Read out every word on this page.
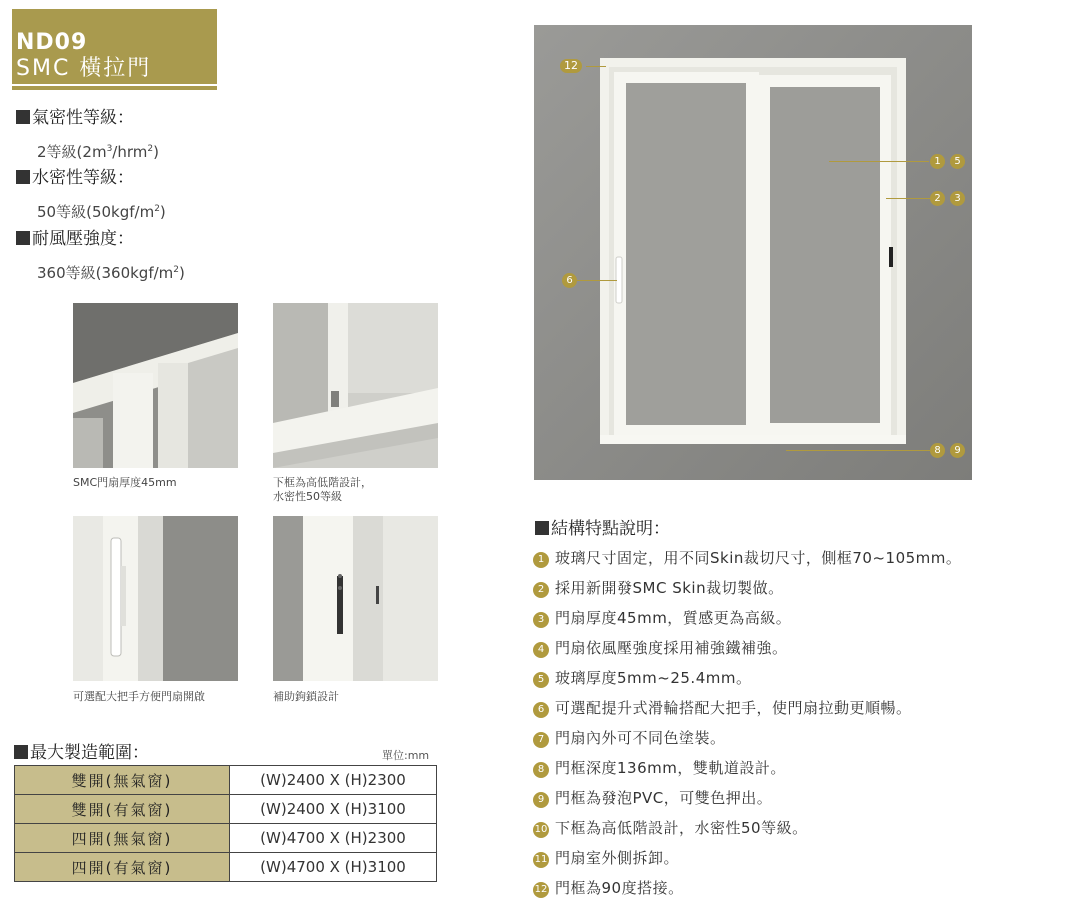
ND09
SMC 橫拉門
氣密性等級：
2等級$(2m^3/hrm^2)$
水密性等級：
50等級$(50kgf/m^2)$
耐風壓強度：
360等級$(360kgf/m^2)$
SMC門扇厚度45mm	下框為高低階設計，
水密性50等級
可選配大把手方便門扇開啟	補助鉤鎖設計
最大製造範圍：	單位:mm
雙開(無氣窗)	(W)2400 X (H)2300
雙開(有氣窗)	(W)2400 X (H)3100
四開(無氣窗)	(W)4700 X (H)2300
四開(有氣窗)	(W)4700 X (H)3100
12
1	5
2	3
6
8	9
結構特點說明：
1 玻璃尺寸固定，用不同Skin裁切尺寸，側框70~105mm。
2 採用新開發SMC Skin裁切製做。
3 門扇厚度45mm，質感更為高級。
4 門扇依風壓強度採用補強鐵補強。
5 玻璃厚度5mm~25.4mm。
6 可選配提升式滑輪搭配大把手，使門扇拉動更順暢。
7 門扇內外可不同色塗裝。
8 門框深度136mm，雙軌道設計。
9 門框為發泡PVC，可雙色押出。
10 下框為高低階設計，水密性50等級。
11 門扇室外側拆卸。
12 門框為90度搭接。
